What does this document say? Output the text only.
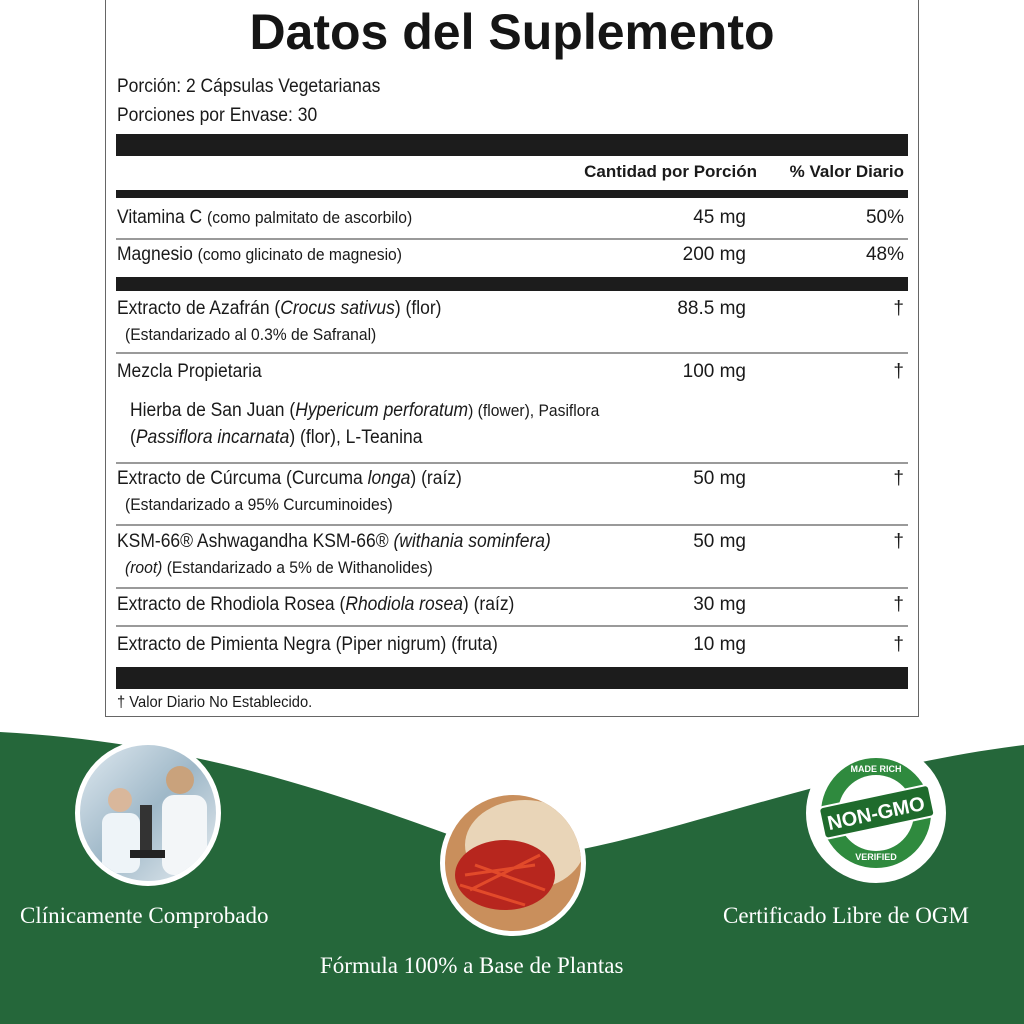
Datos del Suplemento
Porción: 2 Cápsulas Vegetarianas
Porciones por Envase: 30
Cantidad por Porción % Valor Diario
Vitamina C (como palmitato de ascorbilo)	45 mg	50%
Magnesio (como glicinato de magnesio)	200 mg	48%
Extracto de Azafrán (Crocus sativus) (flor)
(Estandarizado al 0.3% de Safranal)
88.5 mg	†
Mezcla Propietaria	100 mg	†
Hierba de San Juan (Hypericum perforatum) (flower), Pasiflora
(Passiflora incarnata) (flor), L-Teanina
Extracto de Cúrcuma (Curcuma longa) (raíz)
(Estandarizado a 95% Curcuminoides)
50 mg	†
KSM-66® Ashwagandha KSM-66® (withania sominfera)
(root) (Estandarizado a 5% de Withanolides)
50 mg	†
Extracto de Rhodiola Rosea (Rhodiola rosea) (raíz)	30 mg	†
Extracto de Pimienta Negra (Piper nigrum) (fruta)	10 mg	†
† Valor Diario No Establecido.
Clínicamente Comprobado
Fórmula 100% a Base de Plantas
NON-GMO
MADE RICH
VERIFIED
Certificado Libre de OGM
